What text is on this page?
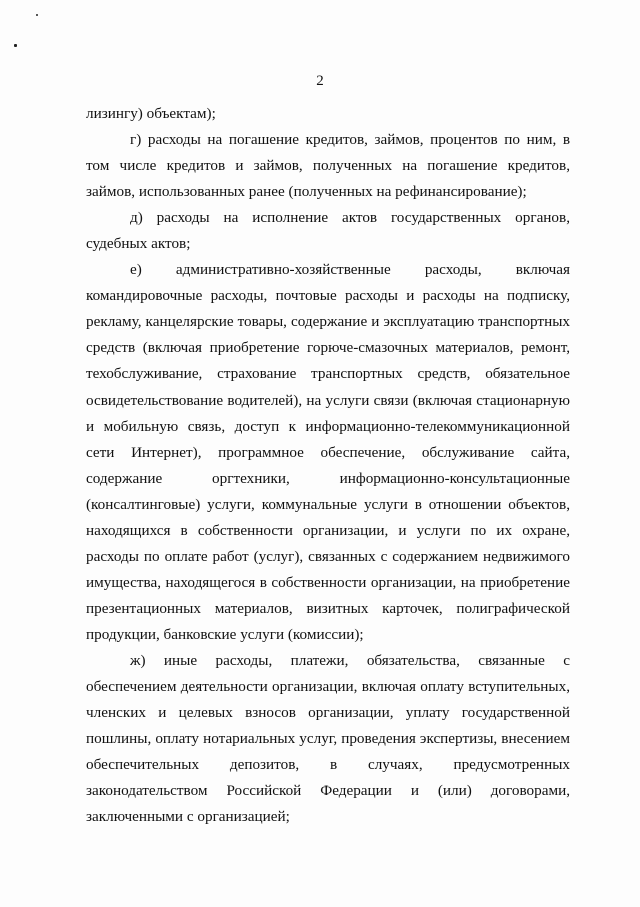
2

лизингу) объектам);

г) расходы на погашение кредитов, займов, процентов по ним, в том числе кредитов и займов, полученных на погашение кредитов, займов, использованных ранее (полученных на рефинансирование);

д) расходы на исполнение актов государственных органов, судебных актов;

е) административно-хозяйственные расходы, включая командировочные расходы, почтовые расходы и расходы на подписку, рекламу, канцелярские товары, содержание и эксплуатацию транспортных средств (включая приобретение горюче-смазочных материалов, ремонт, техобслуживание, страхование транспортных средств, обязательное освидетельствование водителей), на услуги связи (включая стационарную и мобильную связь, доступ к информационно-телекоммуникационной сети Интернет), программное обеспечение, обслуживание сайта, содержание оргтехники, информационно-консультационные (консалтинговые) услуги, коммунальные услуги в отношении объектов, находящихся в собственности организации, и услуги по их охране, расходы по оплате работ (услуг), связанных с содержанием недвижимого имущества, находящегося в собственности организации, на приобретение презентационных материалов, визитных карточек, полиграфической продукции, банковские услуги (комиссии);

ж) иные расходы, платежи, обязательства, связанные с обеспечением деятельности организации, включая оплату вступительных, членских и целевых взносов организации, уплату государственной пошлины, оплату нотариальных услуг, проведения экспертизы, внесением обеспечительных депозитов, в случаях, предусмотренных законодательством Российской Федерации и (или) договорами, заключенными с организацией;
